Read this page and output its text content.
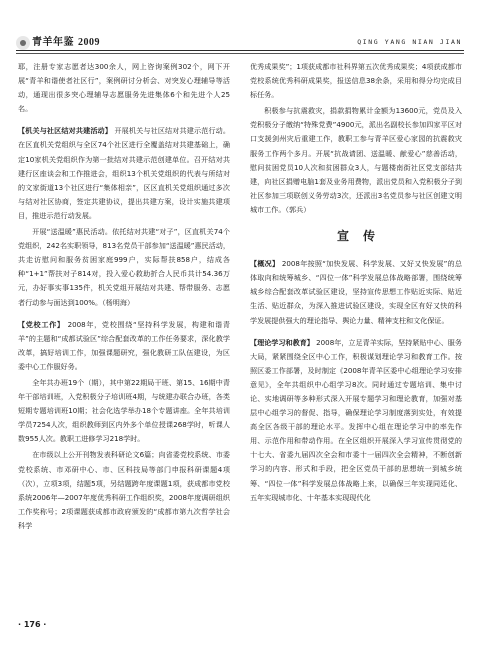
青羊年鉴 2009	QING YANG NIAN JIAN

耶，注册专家志愿者达300余人，网上咨询案例302个，网下开展“青羊和谐使者社区行”，案例研讨分析会、对突发心理辅导等活动，通现出很多突心理辅导志愿服务先进集体6个和先进个人25名。

【机关与社区结对共建活动】 开展机关与社区结对共建示范行动。在区直机关党组织与全区74个社区进行全覆盖结对共建基础上，确定10家机关党组织作为第一批结对共建示范创建单位。召开结对共建行区座谈会和工作推进会，组织13个机关党组织的代表与所结对的文家街道13个社区进行“集体相亲”，区区直机关党组织通过多次与结对社区协商，签定共建协议，提出共建方案，设计实施共建项目，推进示范行动发展。

开展“送温暖”惠民活动。依托结对共建“对子”，区直机关74个党组织，242名实职领导，813名党员干部参加“送温暖”惠民活动，共走访慰问和服务贫困家庭999户，实际帮扶858户，结成各种“1+1”帮扶对子814对，投入爱心救助折合人民币共计54.36万元，办好事实事135件，机关党组开展结对共建、帮带服务、志愿者行动参与面达到100%。（杨明海）

【党校工作】 2008年，党校围绕“坚持科学发展，构建和谐青羊”的主题和“成都试验区”综合配套改革的工作任务要求，深化教学改革，搞好培训工作，加强课题研究，强化教研工队伍建设，为区委中心工作服好务。

全年共办班19个（期），其中第22期局干班、第15、16期中青年干部培训班，入党积极分子培训班4期，与统建办联合办班，各类短期专题培训班10期；社会化选学举办18个专题讲座。全年共培训学员7254人次，组织教师到区内外多个单位授课268学时，听课人数955人次。教职工进修学习218学时。

在市级以上公开刊物发表科研论文6篇；向省委党校系统、市委党校系统、市邓研中心、市、区科技局等部门申报科研课题4项（次），立项3项，结题5项，另结题跨年度课题1项，获成都市党校系统2006年—2007年度优秀科研工作组织奖，2008年度调研组织工作奖称号；2项课题获成都市政府颁发的“成都市第九次哲学社会科学

优秀成果奖”；1项获成都市社科界第五次优秀成果奖；4项获成都市党校系统优秀科研成果奖，报送信息38余条，采用和得分均完成目标任务。

积极参与抗震救灾，捐款捐物累计金额为13600元，党员及入党积极分子缴纳“特殊党费”4900元，派出名副校长参加四家平区对口支援剑州灾后重建工作，教职工参与青羊区爱心家园的抗震救灾服务工作两个多月。开展“抗战请团、送温暖、献爱心”慈善活动，慰问贫困党员10人次和贫困群众3人，与题楼南街社区党支部结共建，向社区捐赠电脑1套及业务用费物，派出党员和入党积极分子到社区参加三项联创义务劳动3次，还派出3名党员参与社区创建文明城市工作。（郭兵）

宣传

【概况】 2008年按照“加快发展、科学发展、又好又快发展”的总体取向和统筹城乡、“四位一体”科学发展总体战略部署，围绕统筹城乡综合配套改革试验区建设，坚持宣传思想工作贴近实际、贴近生活、贴近群众，为深入推进试验区建设，实现全区有好又快的科学发展提供强大的理论指导、舆论力量、精神支柱和文化保证。

【理论学习和教育】 2008年，立足青羊实际，坚持紧贴中心、服务大局，紧紧围绕全区中心工作，积极谋划理论学习和教育工作。按照区委工作部署，及时制定《2008年青羊区委中心组理论学习安排意见》，全年共组织中心组学习8次。同时通过专题培训、集中讨论、实地调研等多种形式深入开展专题学习和理论教育，加强对基层中心组学习的督促、指导，确保理论学习制度落到实处，有效提高全区各级干部的理论水平。发挥中心组在理论学习中的率先作用、示范作用和带动作用。在全区组织开展深入学习宣传贯彻党的十七大、省委九届四次全会和市委十一届四次全会精神，不断创新学习的内容、形式和手段，把全区党员干部的思想统一到城乡统筹、“四位一体”科学发展总体战略上来，以确保三年实现同廷化、五年实现城市化、十年基本实现现代化

· 176 ·
